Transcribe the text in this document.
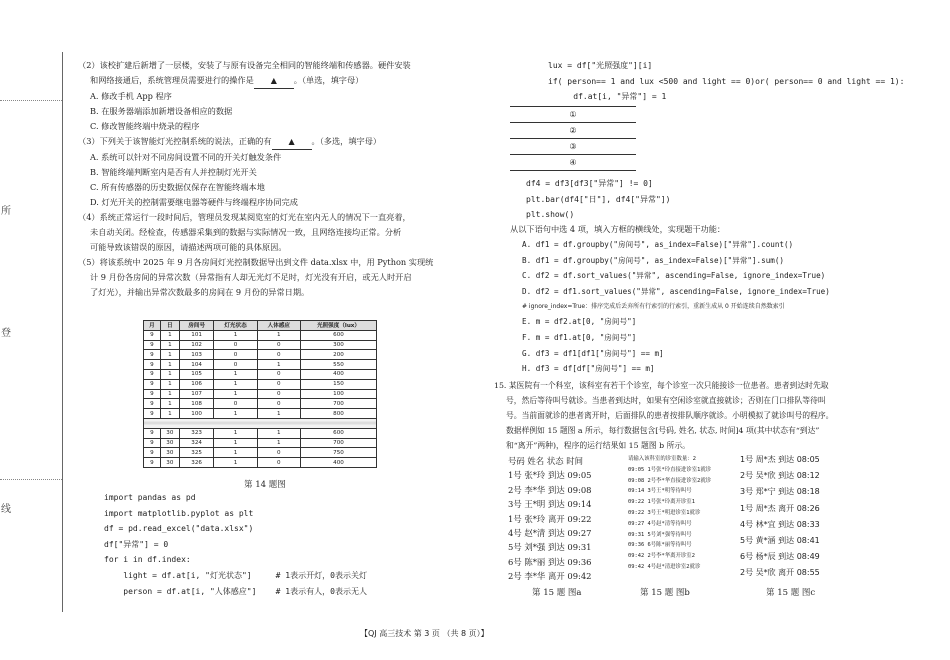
所
登
线

（2）该校扩建后新增了一层楼，安装了与原有设备完全相同的智能终端和传感器。硬件安装

和网络接通后，系统管理员需要进行的操作是 ▲ 。（单选，填字母）

A. 修改手机 App 程序

B. 在服务器端添加新增设备相应的数据

C. 修改智能终端中烧录的程序

（3）下列关于该智能灯光控制系统的说法，正确的有 ▲ 。（多选，填字母）

A. 系统可以针对不同房间设置不同的开关灯触发条件

B. 智能终端判断室内是否有人并控制灯光开关

C. 所有传感器的历史数据仅保存在智能终端本地

D. 灯光开关的控制需要继电器等硬件与终端程序协同完成

（4）系统正常运行一段时间后，管理员发现某阅览室的灯光在室内无人的情况下一直亮着，

未自动关闭。经检查，传感器采集到的数据与实际情况一致，且网络连接均正常。分析

可能导致该错误的原因，请描述两项可能的具体原因。

（5）将该系统中 2025 年 9 月各房间灯光控制数据导出到文件 data.xlsx 中，用 Python 实现统

计 9 月份各房间的异常次数（异常指有人却无光灯不足时，灯光没有开启，或无人时开启

了灯光），并输出异常次数最多的房间在 9 月份的异常日期。

月	日	房间号	灯光状态	人体感应	光照强度（lux）
9	1	101	1	1	600
9	1	102	0	0	300
9	1	103	0	0	200
9	1	104	0	1	550
9	1	105	1	0	400
9	1	106	1	0	150
9	1	107	1	0	100
9	1	108	0	0	700
9	1	100	1	1	800

9	30	323	1	1	600
9	30	324	1	1	700
9	30	325	1	0	750
9	30	326	1	0	400
第 14 题图
import pandas as pd
import matplotlib.pyplot as plt
df = pd.read_excel("data.xlsx")
df["异常"] = 0
for i in df.index:
light = df.at[i, "灯光状态"]     # 1表示开灯，0表示关灯
person = df.at[i, "人体感应"]    # 1表示有人，0表示无人
lux = df["光照强度"][i]
if( person== 1 and lux <500 and light == 0)or( person== 0 and light == 1):
df.at[i, "异常"] = 1
①
②
③
④
df4 = df3[df3["异常"] != 0]
plt.bar(df4["日"], df4["异常"])
plt.show()

从以下语句中选 4 项，填入方框的横线处，实现题干功能：

A. df1 = df.groupby("房间号", as_index=False)["异常"].count()

B. df1 = df.groupby("房间号", as_index=False)["异常"].sum()

C. df2 = df.sort_values("异常", ascending=False, ignore_index=True)

D. df2 = df1.sort_values("异常", ascending=False, ignore_index=True)

# ignore_index=True：排序完成后丢弃所有行索引的行索引，重新生成从 0 开始连续自然数索引

E. m = df2.at[0, "房间号"]

F. m = df1.at[0, "房间号"]

G. df3 = df1[df1["房间号"] == m]

H. df3 = df[df["房间号"] == m]

15. 某医院有一个科室，该科室有若干个诊室，每个诊室一次只能接诊一位患者。患者到达时先取

号，然后等待叫号就诊。当患者到达时，如果有空闲诊室就直接就诊；否则在门口排队等待叫

号。当前面就诊的患者离开时，后面排队的患者按排队顺序就诊。小明模拟了就诊叫号的程序。

数据样例如 15 题图 a 所示，每行数据包含[号码, 姓名, 状态, 时间]4 项(其中状态有“到达”

和“离开”两种)，程序的运行结果如 15 题图 b 所示。

号码 姓名 状态 时间
1号 张*玲 到达 09:05
2号 李*华 到达 09:08
3号 王*明 到达 09:14
1号 张*玲 离开 09:22
4号 赵*清 到达 09:27
5号 刘*强 到达 09:31
6号 陈*丽 到达 09:36
2号 李*华 离开 09:42
请输入该科室的诊室数量：2
09:05 1号张*玲直接进诊室1就诊
09:08 2号李*华直接进诊室2就诊
09:14 3号王*明等待叫号
09:22 1号张*玲离开诊室1
09:22 3号王*明进诊室1就诊
09:27 4号赵*清等待叫号
09:31 5号刘*强等待叫号
09:36 6号陈*丽等待叫号
09:42 2号李*华离开诊室2
09:42 4号赵*清进诊室2就诊
1号 周*杰 到达 08:05
2号 吴*欣 到达 08:12
3号 郑*宁 到达 08:18
1号 周*杰 离开 08:26
4号 林*宜 到达 08:33
5号 黄*涵 到达 08:41
6号 杨*辰 到达 08:49
2号 吴*欣 离开 08:55
第 15 题 图a	第 15 题 图b	第 15 题 图c
【QJ 高三技术 第 3 页 （共 8 页）】
